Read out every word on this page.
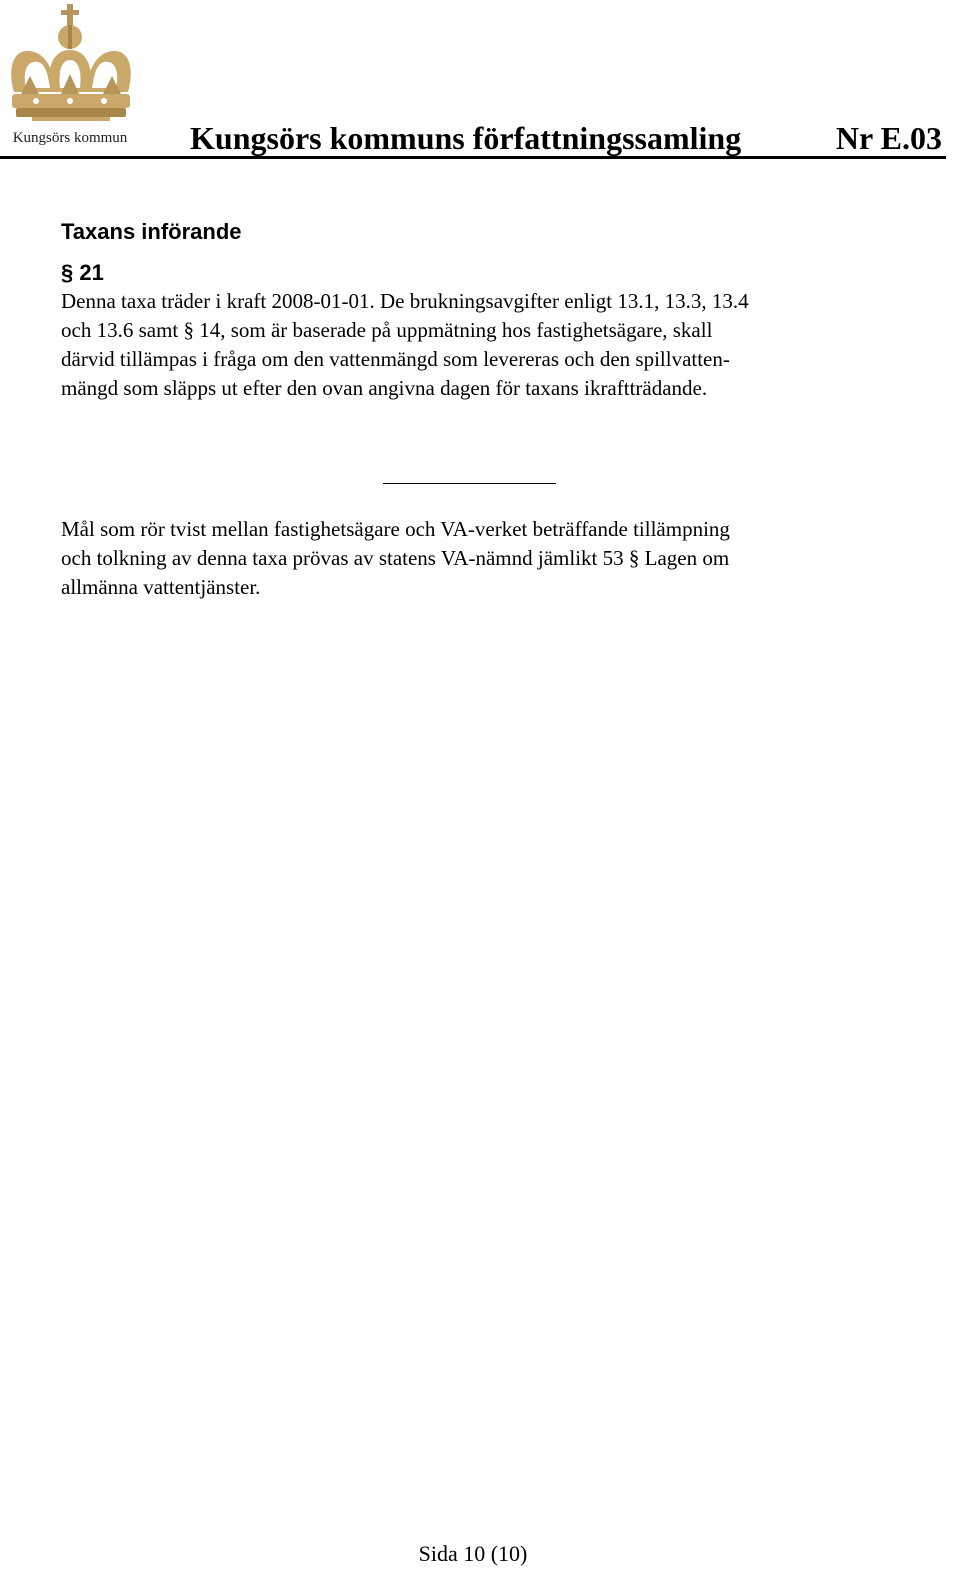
Kungsörs kommun	Kungsörs kommuns författningssamling	Nr E.03
Taxans införande
§ 21
Denna taxa träder i kraft 2008-01-01. De brukningsavgifter enligt 13.1, 13.3, 13.4
och 13.6 samt § 14, som är baserade på uppmätning hos fastighetsägare, skall
därvid tillämpas i fråga om den vattenmängd som levereras och den spillvatten-
mängd som släpps ut efter den ovan angivna dagen för taxans ikraftträdande.
Mål som rör tvist mellan fastighetsägare och VA-verket beträffande tillämpning
och tolkning av denna taxa prövas av statens VA-nämnd jämlikt 53 § Lagen om
allmänna vattentjänster.
Sida 10 (10)
